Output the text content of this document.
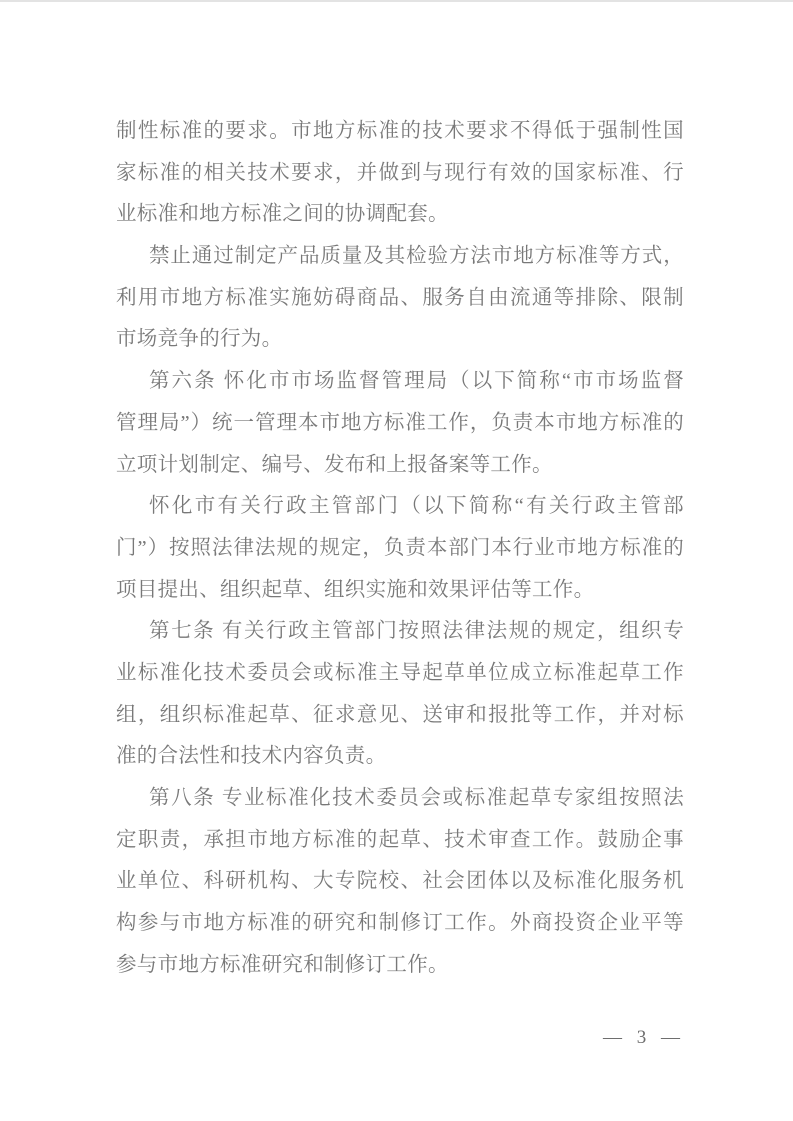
制性标准的要求。市地方标准的技术要求不得低于强制性国
家标准的相关技术要求，并做到与现行有效的国家标准、行
业标准和地方标准之间的协调配套。
禁止通过制定产品质量及其检验方法市地方标准等方式，
利用市地方标准实施妨碍商品、服务自由流通等排除、限制
市场竞争的行为。
第六条 怀化市市场监督管理局（以下简称“市市场监督
管理局”）统一管理本市地方标准工作，负责本市地方标准的
立项计划制定、编号、发布和上报备案等工作。
怀化市有关行政主管部门（以下简称“有关行政主管部
门”）按照法律法规的规定，负责本部门本行业市地方标准的
项目提出、组织起草、组织实施和效果评估等工作。
第七条 有关行政主管部门按照法律法规的规定，组织专
业标准化技术委员会或标准主导起草单位成立标准起草工作
组，组织标准起草、征求意见、送审和报批等工作，并对标
准的合法性和技术内容负责。
第八条 专业标准化技术委员会或标准起草专家组按照法
定职责，承担市地方标准的起草、技术审查工作。鼓励企事
业单位、科研机构、大专院校、社会团体以及标准化服务机
构参与市地方标准的研究和制修订工作。外商投资企业平等
参与市地方标准研究和制修订工作。
— 3 —
